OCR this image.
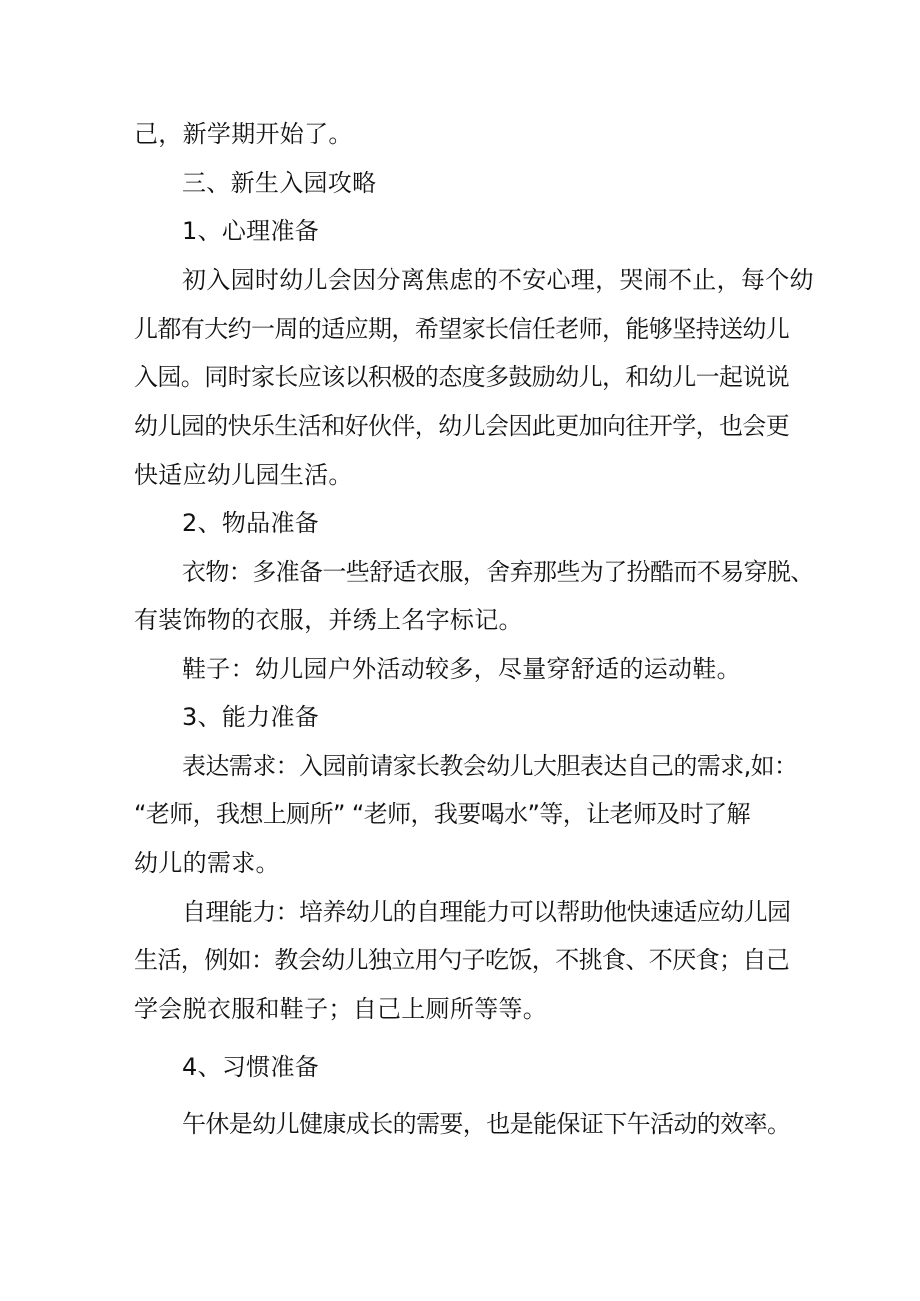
己，新学期开始了。

三、新生入园攻略

1、心理准备

初入园时幼儿会因分离焦虑的不安心理，哭闹不止，每个幼

儿都有大约一周的适应期，希望家长信任老师，能够坚持送幼儿

入园。同时家长应该以积极的态度多鼓励幼儿，和幼儿一起说说

幼儿园的快乐生活和好伙伴，幼儿会因此更加向往开学，也会更

快适应幼儿园生活。

2、物品准备

衣物：多准备一些舒适衣服，舍弃那些为了扮酷而不易穿脱、

有装饰物的衣服，并绣上名字标记。

鞋子：幼儿园户外活动较多，尽量穿舒适的运动鞋。

3、能力准备

表达需求：入园前请家长教会幼儿大胆表达自己的需求,如：

“老师，我想上厕所” “老师，我要喝水”等，让老师及时了解

幼儿的需求。

自理能力：培养幼儿的自理能力可以帮助他快速适应幼儿园

生活，例如：教会幼儿独立用勺子吃饭，不挑食、不厌食；自己

学会脱衣服和鞋子；自己上厕所等等。

4、习惯准备

午休是幼儿健康成长的需要，也是能保证下午活动的效率。
